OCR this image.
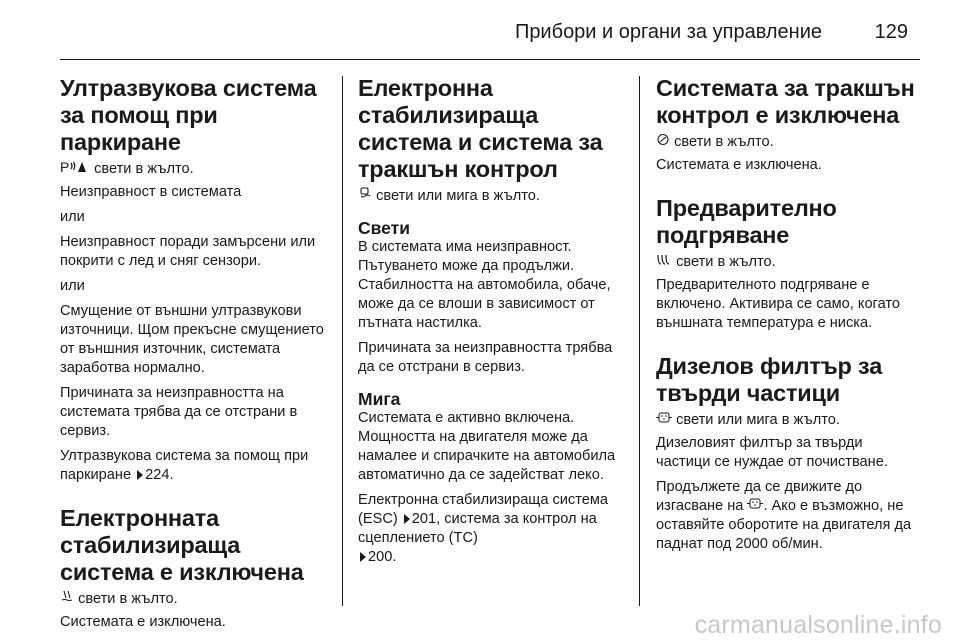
Прибори и органи за управление	129
Ултразвукова система за помощ при паркиране

P свети в жълто.

Неизправност в системата

или

Неизправност поради замърсени или покрити с лед и сняг сензори.

или

Смущение от външни ултразвукови източници. Щом прекъсне смущението от външния източник, системата заработва нормално.

Причината за неизправността на системата трябва да се отстрани в сервиз.

Ултразвукова система за помощ при паркиране 224.

Електронната стабилизираща система е изключена

свети в жълто.

Системата е изключена.

Електронна стабилизираща система и система за тракшън контрол

свети или мига в жълто.

Свети

В системата има неизправност. Пътуването може да продължи. Стабилността на автомобила, обаче, може да се влоши в зависимост от пътната настилка.

Причината за неизправността трябва да се отстрани в сервиз.

Мига

Системата е активно включена. Мощността на двигателя може да намалее и спирачките на автомобила автоматично да се задействат леко.

Електронна стабилизираща система (ESC) 201, система за контрол на сцеплението (TC)
200.

Системата за тракшън контрол е изключена

свети в жълто.

Системата е изключена.

Предварително подгряване

свети в жълто.

Предварителното подгряване е включено. Активира се само, когато външната температура е ниска.

Дизелов филтър за твърди частици

свети или мига в жълто.

Дизеловият филтър за твърди частици се нуждае от почистване.

Продължете да се движите до изгасване на . Ако е възможно, не оставяйте оборотите на двигателя да паднат под 2000 об/мин.

carmanualsonline.info
